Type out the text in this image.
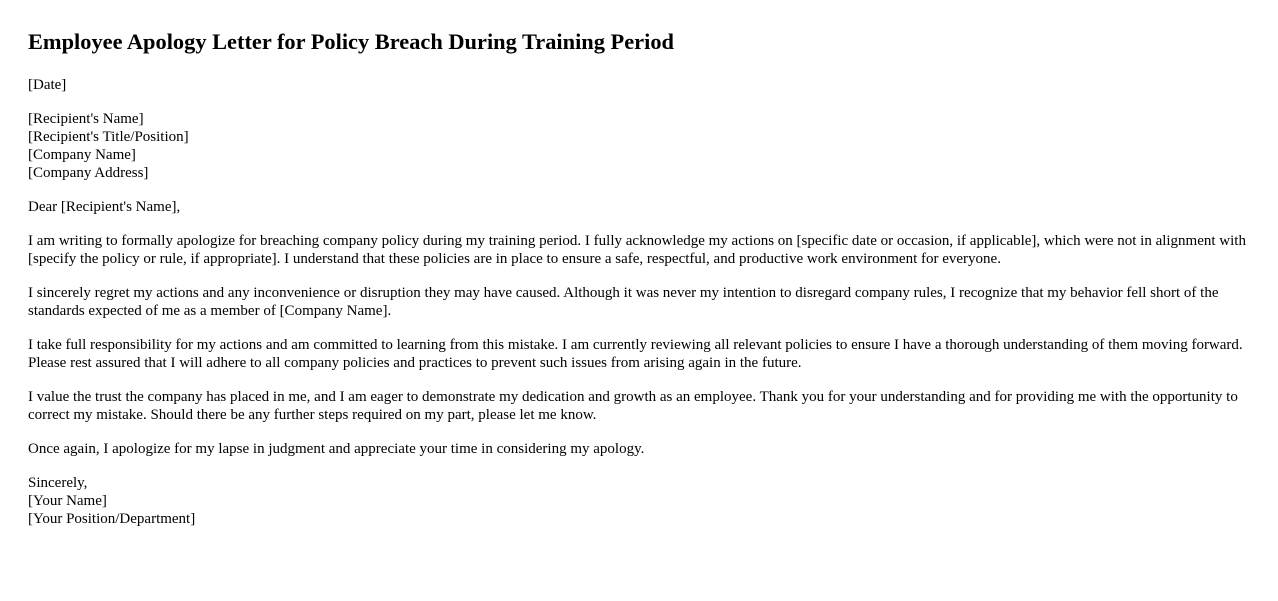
Employee Apology Letter for Policy Breach During Training Period

[Date]

[Recipient's Name]
[Recipient's Title/Position]
[Company Name]
[Company Address]

Dear [Recipient's Name],

I am writing to formally apologize for breaching company policy during my training period. I fully acknowledge my actions on [specific date or occasion, if applicable], which were not in alignment with [specify the policy or rule, if appropriate]. I understand that these policies are in place to ensure a safe, respectful, and productive work environment for everyone.

I sincerely regret my actions and any inconvenience or disruption they may have caused. Although it was never my intention to disregard company rules, I recognize that my behavior fell short of the standards expected of me as a member of [Company Name].

I take full responsibility for my actions and am committed to learning from this mistake. I am currently reviewing all relevant policies to ensure I have a thorough understanding of them moving forward. Please rest assured that I will adhere to all company policies and practices to prevent such issues from arising again in the future.

I value the trust the company has placed in me, and I am eager to demonstrate my dedication and growth as an employee. Thank you for your understanding and for providing me with the opportunity to correct my mistake. Should there be any further steps required on my part, please let me know.

Once again, I apologize for my lapse in judgment and appreciate your time in considering my apology.

Sincerely,
[Your Name]
[Your Position/Department]
